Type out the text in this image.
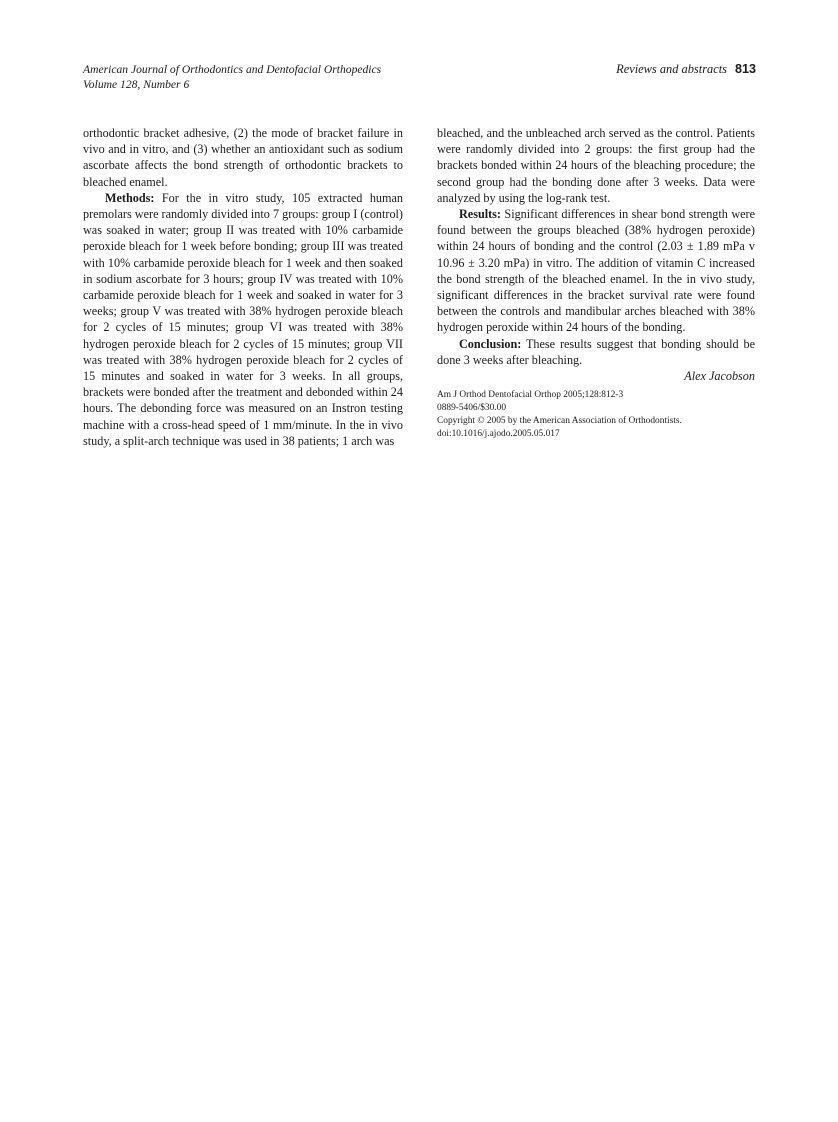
American Journal of Orthodontics and Dentofacial Orthopedics
Volume 128, Number 6
Reviews and abstracts 813

orthodontic bracket adhesive, (2) the mode of bracket failure in vivo and in vitro, and (3) whether an antioxidant such as sodium ascorbate affects the bond strength of orthodontic brackets to bleached enamel.

Methods: For the in vitro study, 105 extracted human premolars were randomly divided into 7 groups: group I (control) was soaked in water; group II was treated with 10% carbamide peroxide bleach for 1 week before bonding; group III was treated with 10% carbamide peroxide bleach for 1 week and then soaked in sodium ascorbate for 3 hours; group IV was treated with 10% carbamide peroxide bleach for 1 week and soaked in water for 3 weeks; group V was treated with 38% hydrogen peroxide bleach for 2 cycles of 15 minutes; group VI was treated with 38% hydrogen peroxide bleach for 2 cycles of 15 minutes; group VII was treated with 38% hydrogen peroxide bleach for 2 cycles of 15 minutes and soaked in water for 3 weeks. In all groups, brackets were bonded after the treatment and debonded within 24 hours. The debonding force was measured on an Instron testing machine with a cross-head speed of 1 mm/minute. In the in vivo study, a split-arch technique was used in 38 patients; 1 arch was

bleached, and the unbleached arch served as the control. Patients were randomly divided into 2 groups: the first group had the brackets bonded within 24 hours of the bleaching procedure; the second group had the bonding done after 3 weeks. Data were analyzed by using the log-rank test.

Results: Significant differences in shear bond strength were found between the groups bleached (38% hydrogen peroxide) within 24 hours of bonding and the control (2.03 ± 1.89 mPa v 10.96 ± 3.20 mPa) in vitro. The addition of vitamin C increased the bond strength of the bleached enamel. In the in vivo study, significant differences in the bracket survival rate were found between the controls and mandibular arches bleached with 38% hydrogen peroxide within 24 hours of the bonding.

Conclusion: These results suggest that bonding should be done 3 weeks after bleaching.

Alex Jacobson

Am J Orthod Dentofacial Orthop 2005;128:812-3
0889-5406/$30.00
Copyright © 2005 by the American Association of Orthodontists.
doi:10.1016/j.ajodo.2005.05.017
